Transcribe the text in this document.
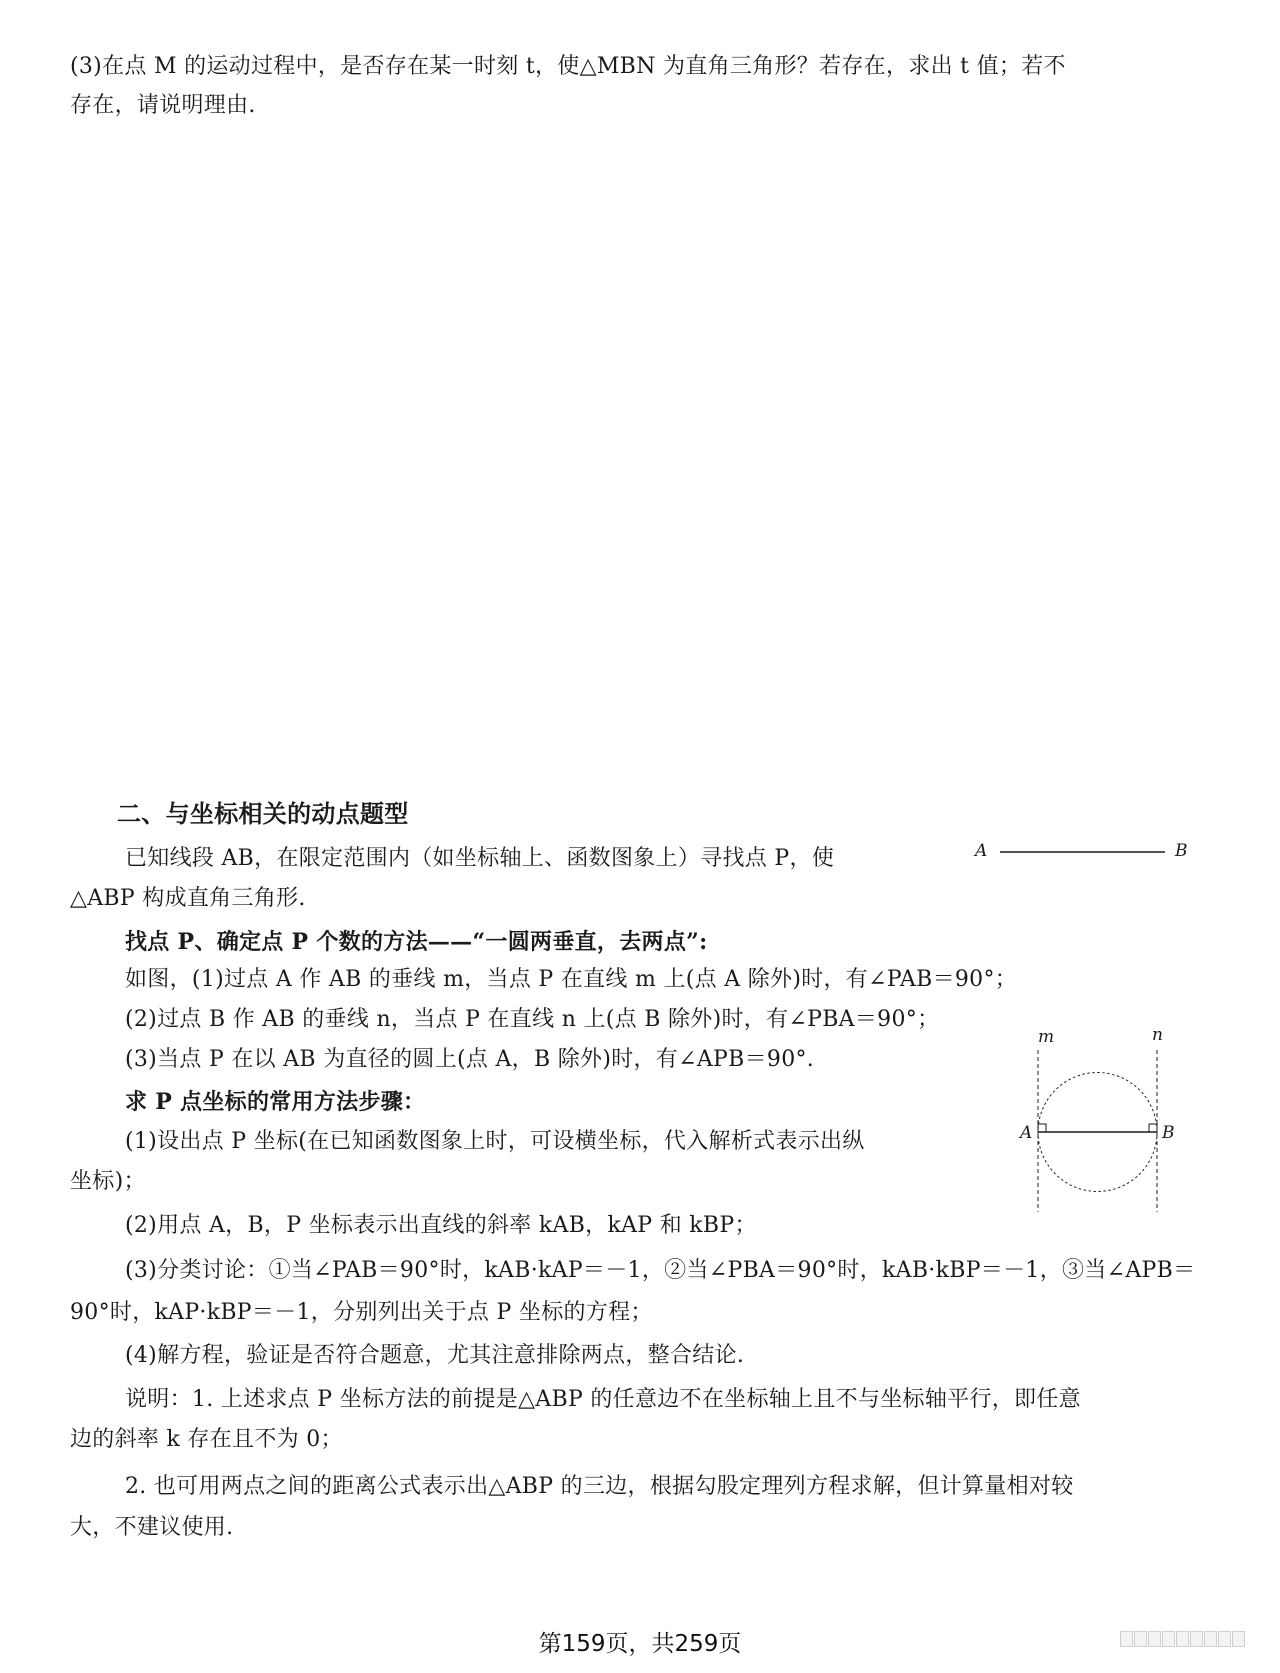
(3)在点 M 的运动过程中，是否存在某一时刻 t，使△MBN 为直角三角形？若存在，求出 t 值；若不
存在，请说明理由.
二、与坐标相关的动点题型
已知线段 AB，在限定范围内（如坐标轴上、函数图象上）寻找点 P，使
△ABP 构成直角三角形.
找点 P、确定点 P 个数的方法——“一圆两垂直，去两点”:
如图，(1)过点 A 作 AB 的垂线 m，当点 P 在直线 m 上(点 A 除外)时，有∠PAB＝90°；
(2)过点 B 作 AB 的垂线 n，当点 P 在直线 n 上(点 B 除外)时，有∠PBA＝90°；
(3)当点 P 在以 AB 为直径的圆上(点 A，B 除外)时，有∠APB＝90°.
求 P 点坐标的常用方法步骤：
(1)设出点 P 坐标(在已知函数图象上时，可设横坐标，代入解析式表示出纵
坐标)；
(2)用点 A，B，P 坐标表示出直线的斜率 kAB，kAP 和 kBP；
(3)分类讨论：①当∠PAB＝90°时，kAB·kAP＝－1，②当∠PBA＝90°时，kAB·kBP＝－1，③当∠APB＝
90°时，kAP·kBP＝－1，分别列出关于点 P 坐标的方程；
(4)解方程，验证是否符合题意，尤其注意排除两点，整合结论.
说明：1. 上述求点 P 坐标方法的前提是△ABP 的任意边不在坐标轴上且不与坐标轴平行，即任意
边的斜率 k 存在且不为 0；
2. 也可用两点之间的距离公式表示出△ABP 的三边，根据勾股定理列方程求解，但计算量相对较
大，不建议使用.
A	B
m	n
A	B
第159页，共259页
